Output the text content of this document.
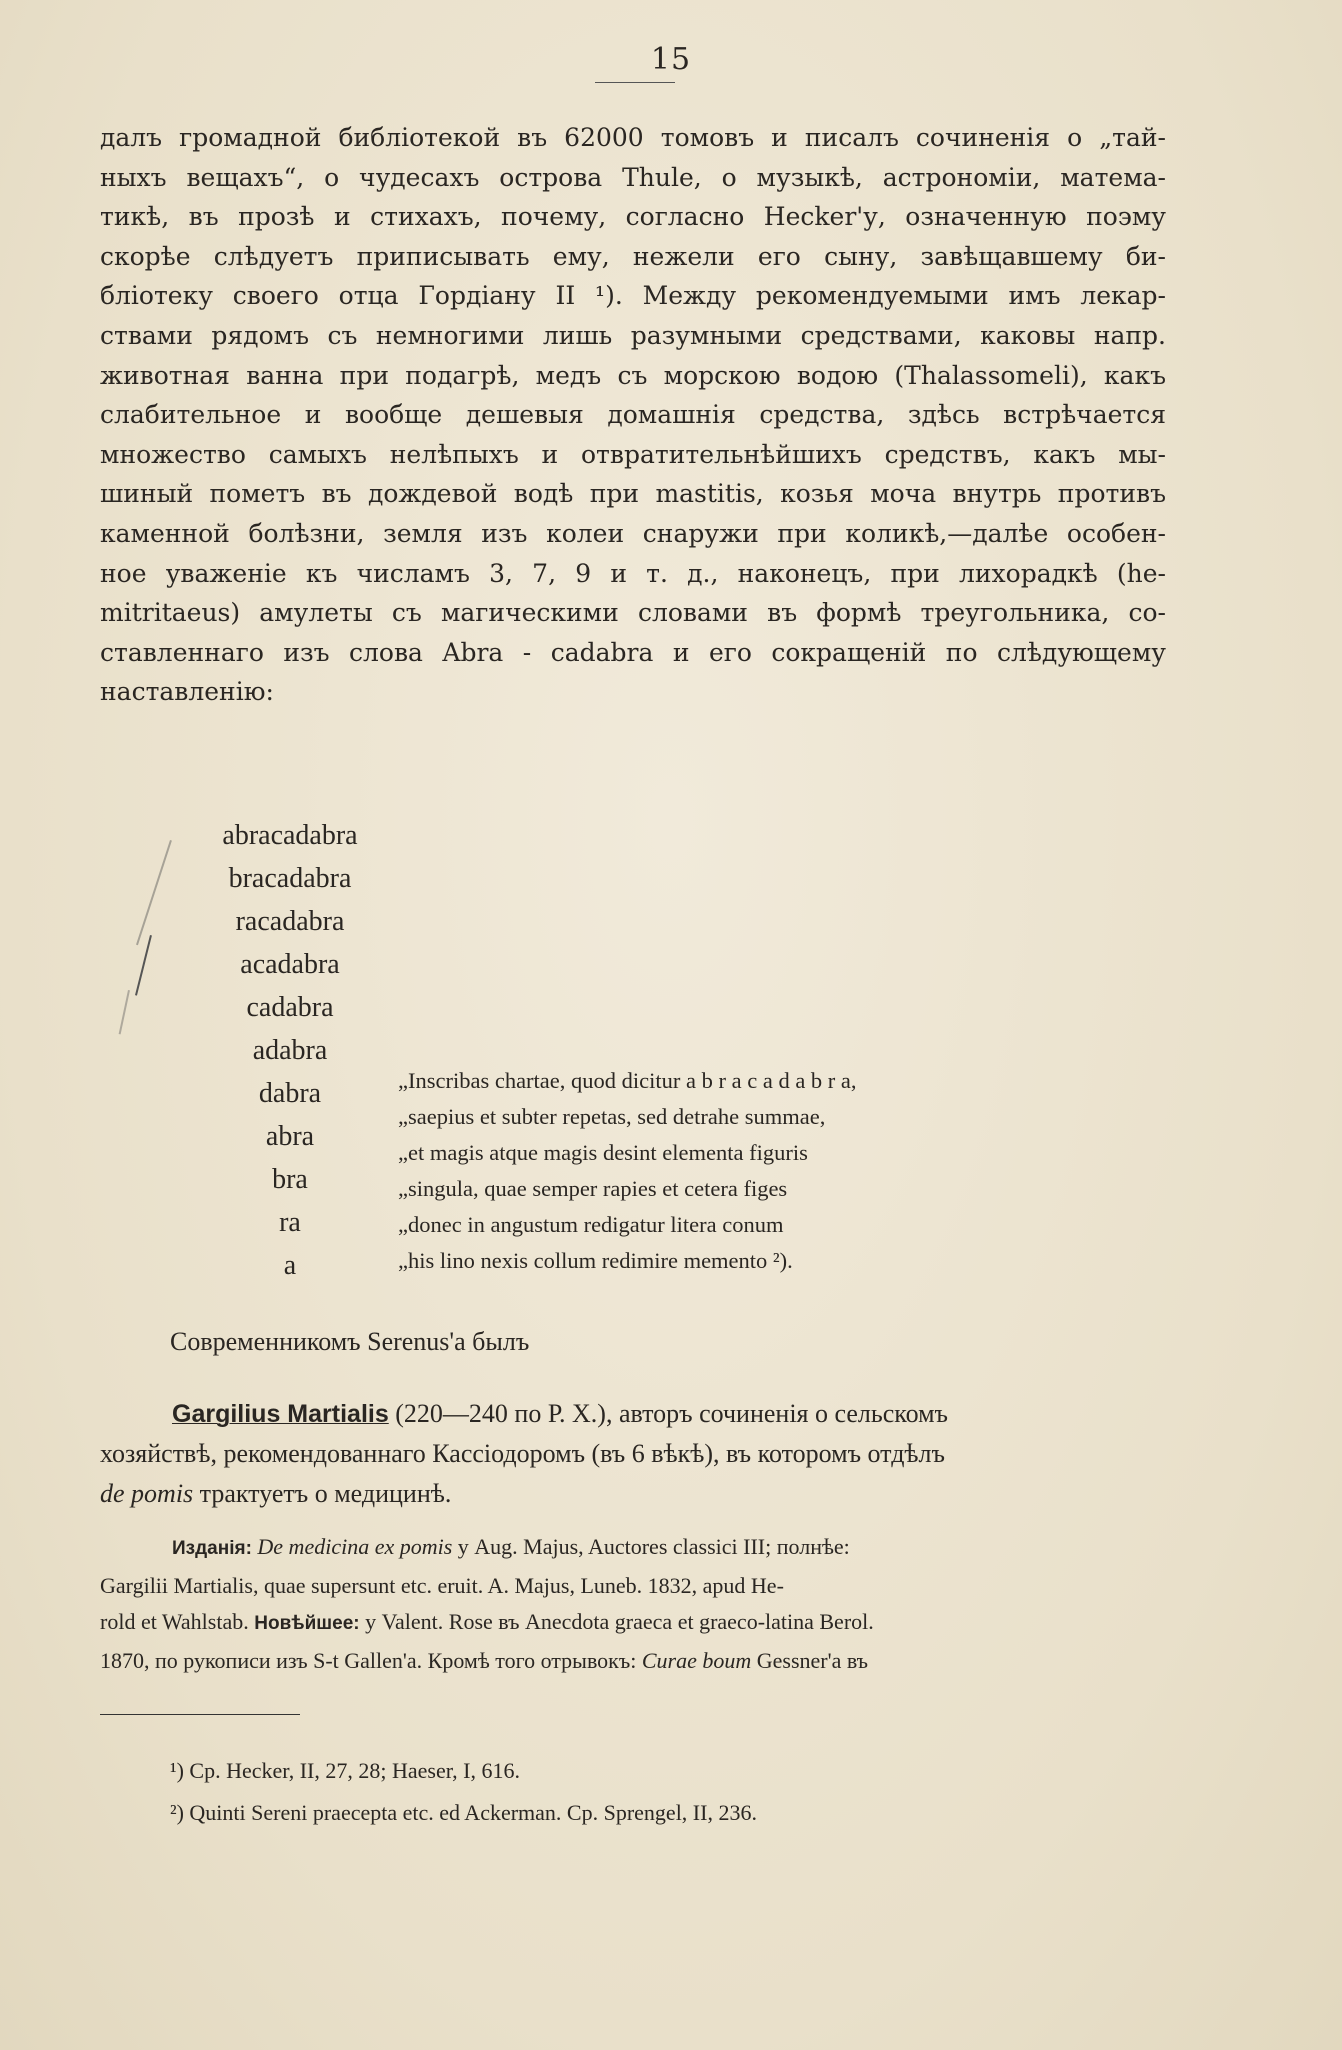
15
далъ громадной библіотекой въ 62000 томовъ и писалъ сочиненія о „тай-
ныхъ вещахъ“, о чудесахъ острова Thule, о музыкѣ, астрономіи, матема-
тикѣ, въ прозѣ и стихахъ, почему, согласно Hecker'у, означенную поэму
скорѣе слѣдуетъ приписывать ему, нежели его сыну, завѣщавшему би-
бліотеку своего отца Гордіану II ¹). Между рекомендуемыми имъ лекар-
ствами рядомъ съ немногими лишь разумными средствами, каковы напр.
животная ванна при подагрѣ, медъ съ морскою водою (Thalassomeli), какъ
слабительное и вообще дешевыя домашнія средства, здѣсь встрѣчается
множество самыхъ нелѣпыхъ и отвратительнѣйшихъ средствъ, какъ мы-
шиный пометъ въ дождевой водѣ при mastitis, козья моча внутрь противъ
каменной болѣзни, земля изъ колеи снаружи при коликѣ,—далѣе особен-
ное уваженіе къ числамъ 3, 7, 9 и т. д., наконецъ, при лихорадкѣ (he-
mitritaeus) амулеты съ магическими словами въ формѣ треугольника, со-
ставленнаго изъ слова Abra - cadabra и его сокращеній по слѣдующему
наставленію:
abracadabra
bracadabra
racadabra
acadabra
cadabra
adabra
dabra
abra
bra
ra
a
„Inscribas chartae, quod dicitur a b r a c a d a b r a,
„saepius et subter repetas, sed detrahe summae,
„et magis atque magis desint elementa figuris
„singula, quae semper rapies et cetera figes
„donec in angustum redigatur litera conum
„his lino nexis collum redimire memento ²).
Современникомъ Serenus'а былъ
Gargilius Martialis (220—240 по Р. X.), авторъ сочиненія о сельскомъ
хозяйствѣ, рекомендованнаго Кассіодоромъ (въ 6 вѣкѣ), въ которомъ отдѣлъ
de pomis трактуетъ о медицинѣ.
Изданія: De medicina ex pomis у Aug. Majus, Auctores classici III; полнѣе:
Gargilii Martialis, quae supersunt etc. eruit. A. Majus, Luneb. 1832, apud He-
rold et Wahlstab. Новѣйшее: у Valent. Rose въ Anecdota graeca et graeco-latina Berol.
1870, по рукописи изъ S-t Gallen'а. Кромѣ того отрывокъ: Curae boum Gessner'а въ
¹) Cp. Hecker, II, 27, 28; Haeser, I, 616.
²) Quinti Sereni praecepta etc. ed Ackerman. Cp. Sprengel, II, 236.
